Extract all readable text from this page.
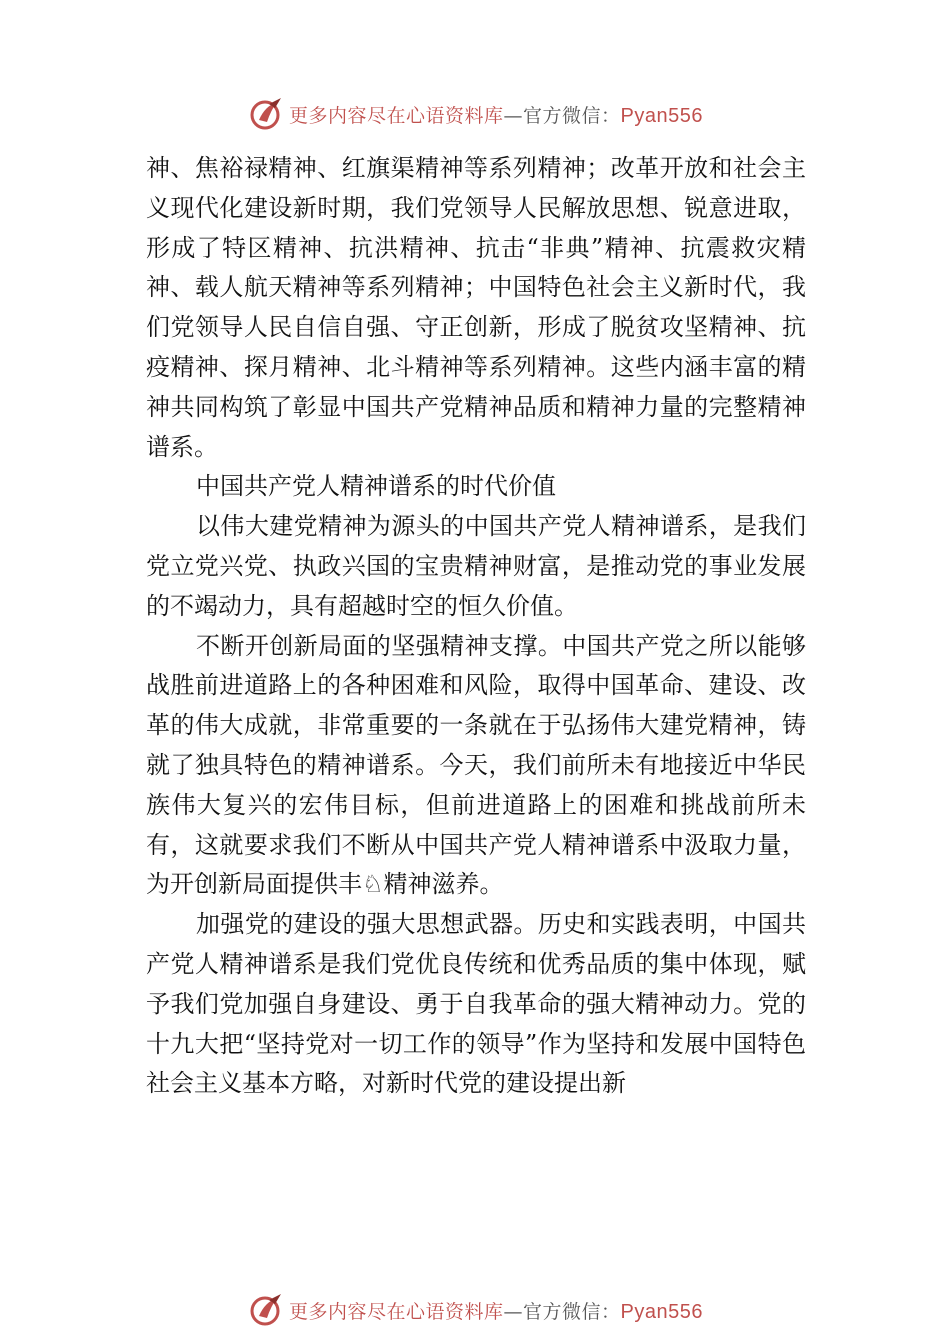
更多内容尽在心语资料库—官方微信：Pyan556

神、焦裕禄精神、红旗渠精神等系列精神；改革开放和社会主义现代化建设新时期，我们党领导人民解放思想、锐意进取，形成了特区精神、抗洪精神、抗击“非典”精神、抗震救灾精神、载人航天精神等系列精神；中国特色社会主义新时代，我们党领导人民自信自强、守正创新，形成了脱贫攻坚精神、抗疫精神、探月精神、北斗精神等系列精神。这些内涵丰富的精神共同构筑了彰显中国共产党精神品质和精神力量的完整精神谱系。

中国共产党人精神谱系的时代价值

以伟大建党精神为源头的中国共产党人精神谱系，是我们党立党兴党、执政兴国的宝贵精神财富，是推动党的事业发展的不竭动力，具有超越时空的恒久价值。

不断开创新局面的坚强精神支撑。中国共产党之所以能够战胜前进道路上的各种困难和风险，取得中国革命、建设、改革的伟大成就，非常重要的一条就在于弘扬伟大建党精神，铸就了独具特色的精神谱系。今天，我们前所未有地接近中华民族伟大复兴的宏伟目标，但前进道路上的困难和挑战前所未有，这就要求我们不断从中国共产党人精神谱系中汲取力量，为开创新局面提供丰♘精神滋养。

加强党的建设的强大思想武器。历史和实践表明，中国共产党人精神谱系是我们党优良传统和优秀品质的集中体现，赋予我们党加强自身建设、勇于自我革命的强大精神动力。党的十九大把“坚持党对一切工作的领导”作为坚持和发展中国特色社会主义基本方略，对新时代党的建设提出新

更多内容尽在心语资料库—官方微信：Pyan556
